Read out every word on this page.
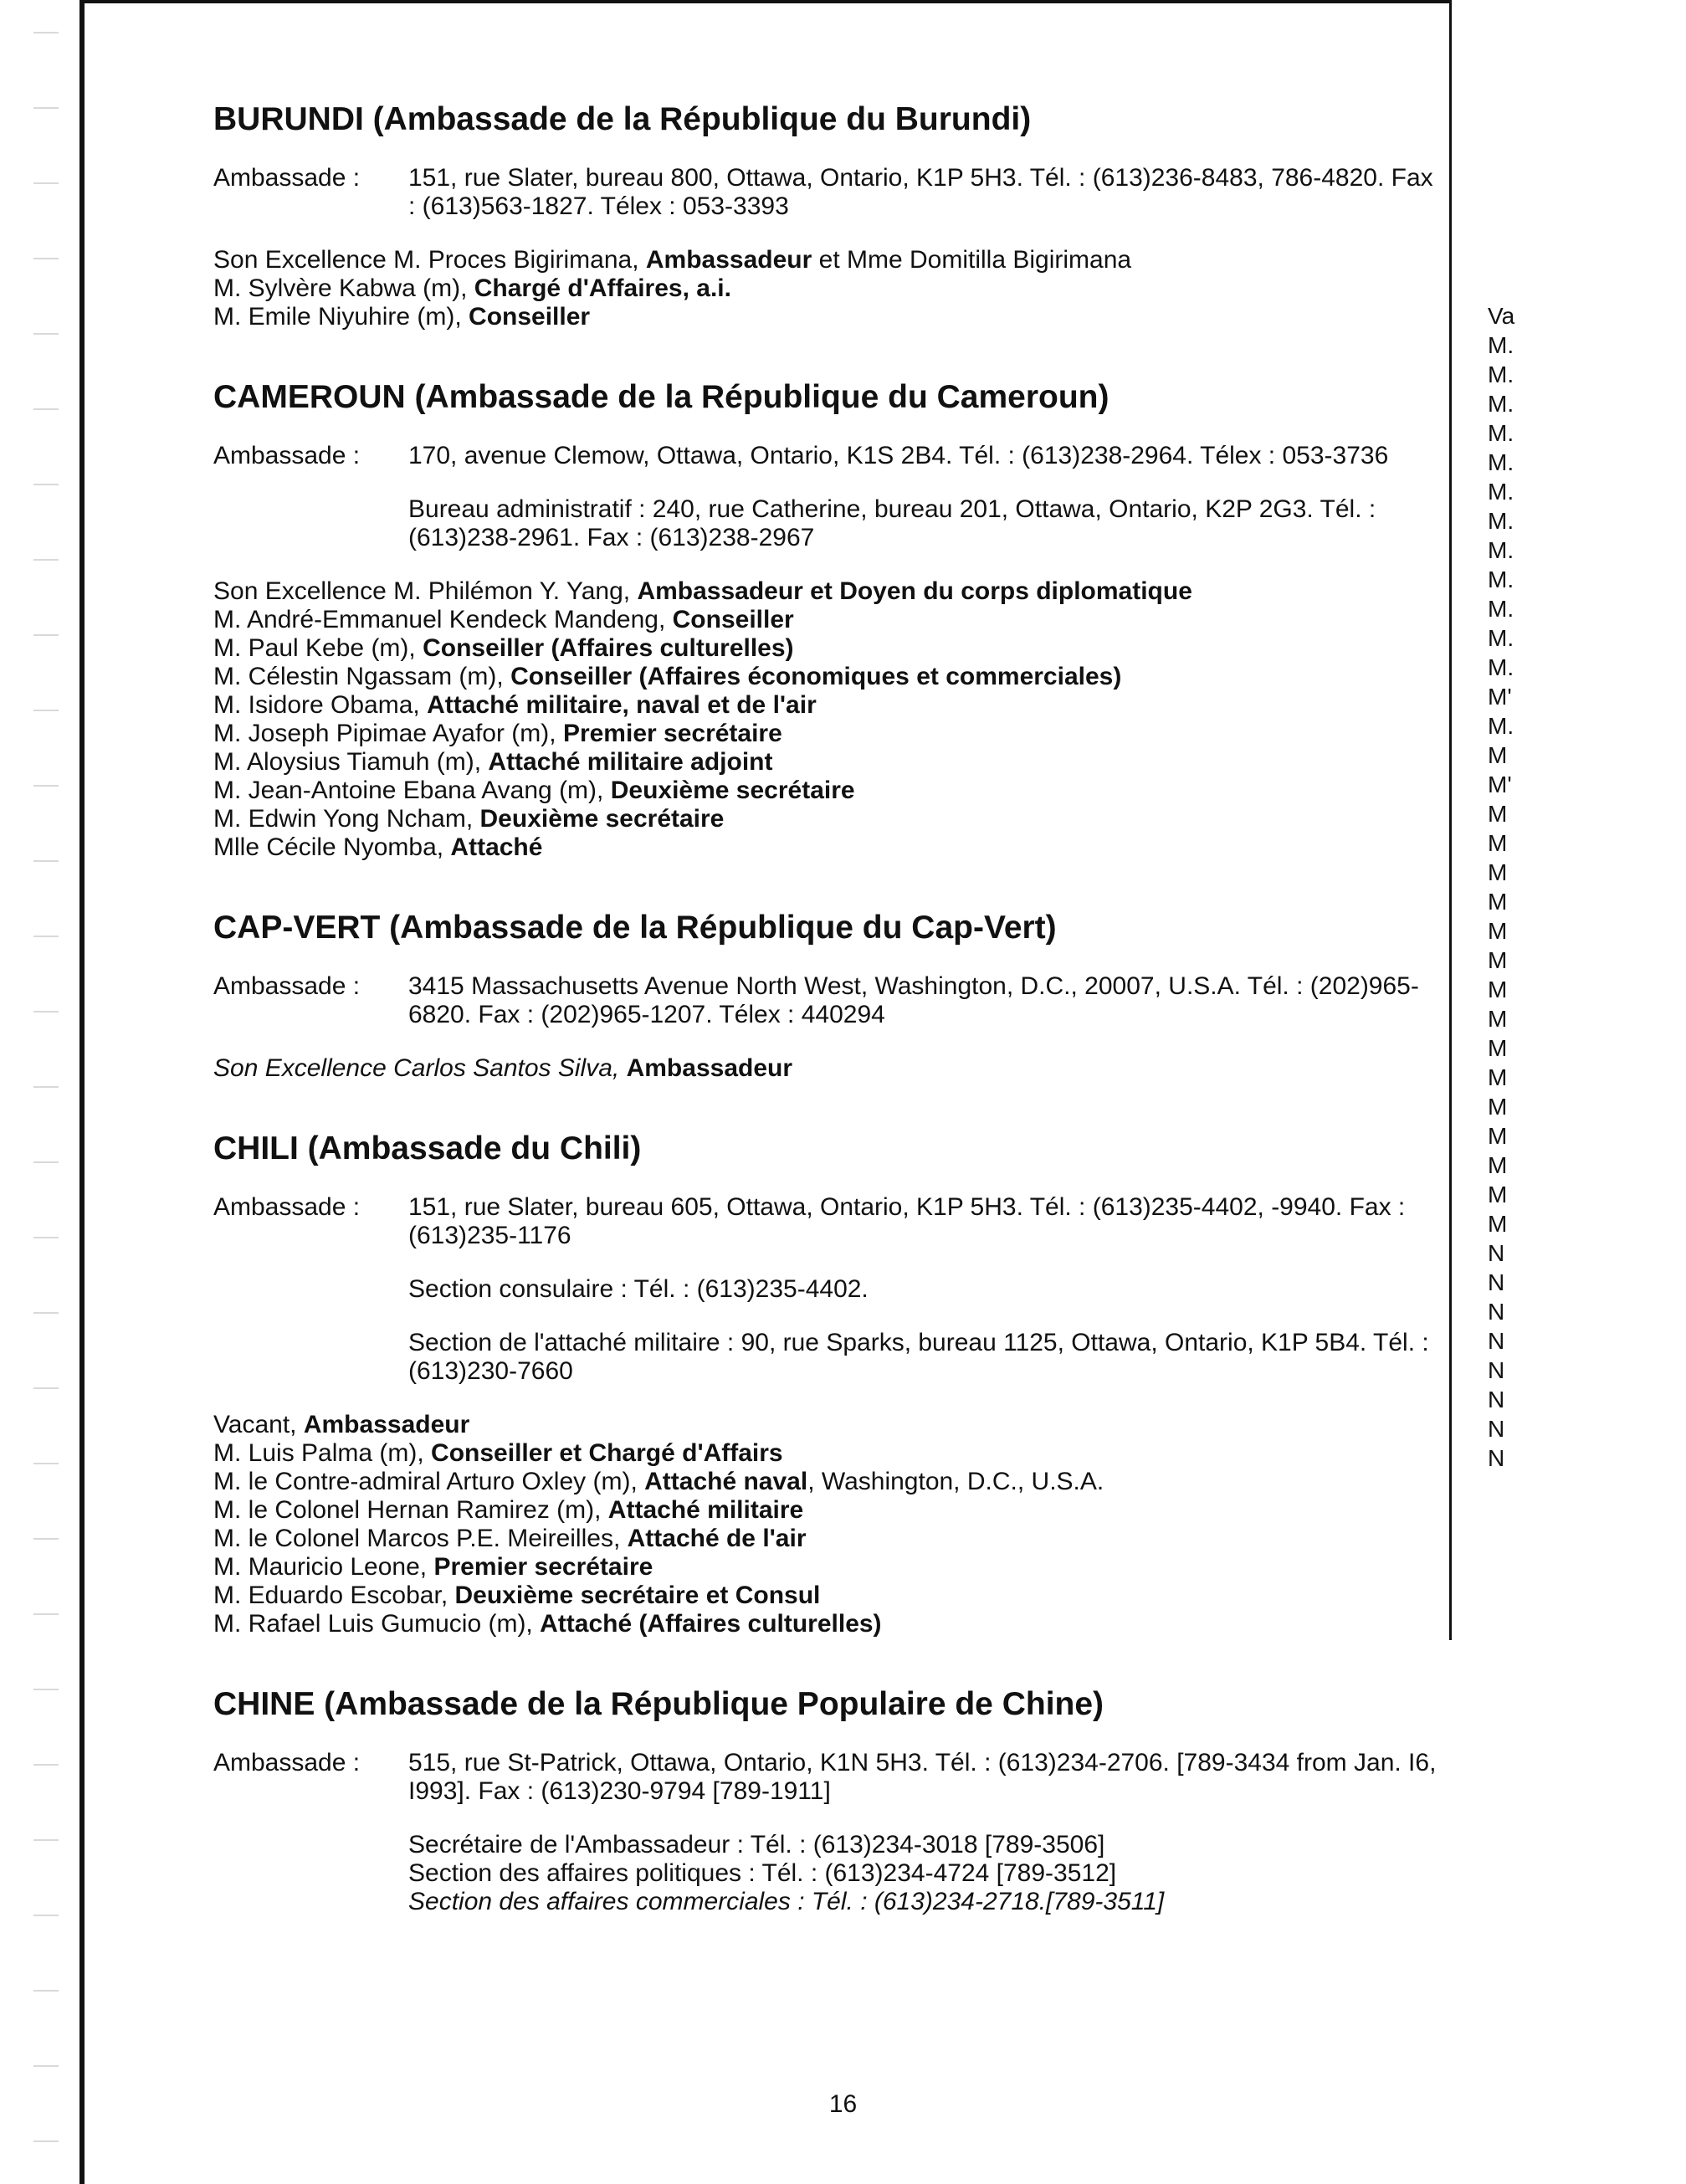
BURUNDI (Ambassade de la République du Burundi)
Ambassade :	151, rue Slater, bureau 800, Ottawa, Ontario, K1P 5H3. Tél. : (613)236-8483, 786-4820. Fax : (613)563-1827. Télex : 053-3393

Son Excellence M. Proces Bigirimana, Ambassadeur et Mme Domitilla Bigirimana
M. Sylvère Kabwa (m), Chargé d'Affaires, a.i.
M. Emile Niyuhire (m), Conseiller
CAMEROUN (Ambassade de la République du Cameroun)
Ambassade :	170, avenue Clemow, Ottawa, Ontario, K1S 2B4. Tél. : (613)238-2964. Télex : 053-3736

Bureau administratif : 240, rue Catherine, bureau 201, Ottawa, Ontario, K2P 2G3. Tél. : (613)238-2961. Fax : (613)238-2967

Son Excellence M. Philémon Y. Yang, Ambassadeur et Doyen du corps diplomatique
M. André-Emmanuel Kendeck Mandeng, Conseiller
M. Paul Kebe (m), Conseiller (Affaires culturelles)
M. Célestin Ngassam (m), Conseiller (Affaires économiques et commerciales)
M. Isidore Obama, Attaché militaire, naval et de l'air
M. Joseph Pipimae Ayafor (m), Premier secrétaire
M. Aloysius Tiamuh (m), Attaché militaire adjoint
M. Jean-Antoine Ebana Avang (m), Deuxième secrétaire
M. Edwin Yong Ncham, Deuxième secrétaire
Mlle Cécile Nyomba, Attaché
CAP-VERT (Ambassade de la République du Cap-Vert)
Ambassade :	3415 Massachusetts Avenue North West, Washington, D.C., 20007, U.S.A. Tél. : (202)965-6820. Fax : (202)965-1207. Télex : 440294

Son Excellence Carlos Santos Silva, Ambassadeur
CHILI (Ambassade du Chili)
Ambassade :	151, rue Slater, bureau 605, Ottawa, Ontario, K1P 5H3. Tél. : (613)235-4402, -9940. Fax : (613)235-1176

Section consulaire : Tél. : (613)235-4402.

Section de l'attaché militaire : 90, rue Sparks, bureau 1125, Ottawa, Ontario, K1P 5B4. Tél. : (613)230-7660

Vacant, Ambassadeur
M. Luis Palma (m), Conseiller et Chargé d'Affairs
M. le Contre-admiral Arturo Oxley (m), Attaché naval, Washington, D.C., U.S.A.
M. le Colonel Hernan Ramirez (m), Attaché militaire
M. le Colonel Marcos P.E. Meireilles, Attaché de l'air
M. Mauricio Leone, Premier secrétaire
M. Eduardo Escobar, Deuxième secrétaire et Consul
M. Rafael Luis Gumucio (m), Attaché (Affaires culturelles)
CHINE (Ambassade de la République Populaire de Chine)
Ambassade :	515, rue St-Patrick, Ottawa, Ontario, K1N 5H3. Tél. : (613)234-2706. [789-3434 from Jan. I6, I993]. Fax : (613)230-9794 [789-1911]

Secrétaire de l'Ambassadeur : Tél. : (613)234-3018 [789-3506]
Section des affaires politiques : Tél. : (613)234-4724 [789-3512]
Section des affaires commerciales : Tél. : (613)234-2718.[789-3511]

Va
M.
M.
M.
M.
M.
M.
M.
M.
M.
M.
M.
M.
M'
M.
M
M'
M
M
M
M
M
M
M
M
M
M
M
M
M
M
M
N
N
N
N
N
N
N
N
16
